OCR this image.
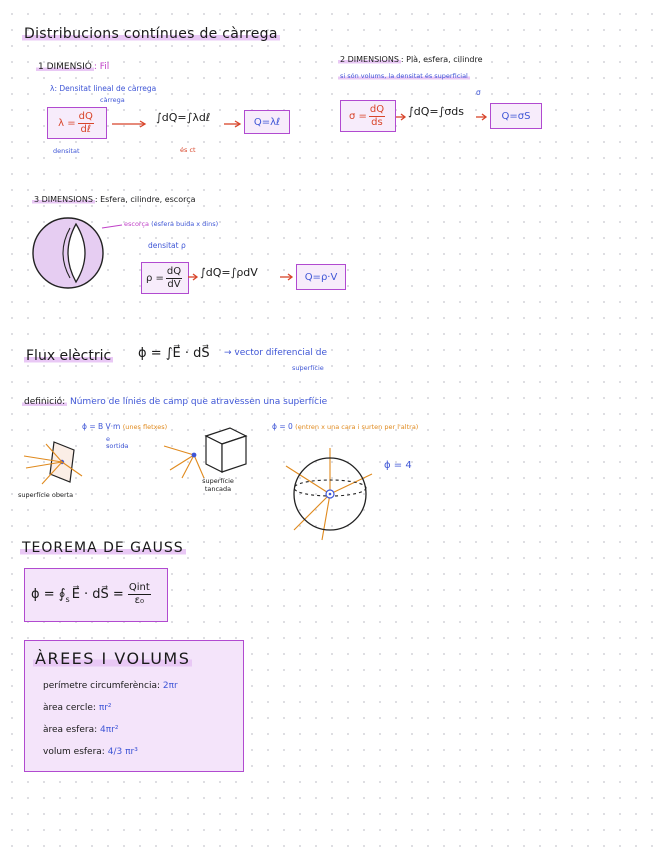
Distribucions contínues de càrrega
1 DIMENSIÓ : Fil
λ: Densitat lineal de càrrega
càrrega
$\lambda = \frac{dQ}{\text{dℓ}}$
densitat
∫dQ=∫λdℓ
és ct
Q=λℓ
2 DIMENSIONS : Plà, esfera, cilindre
si són volums, la densitat és superficial
σ
$\sigma = \frac{dQ}{ds} \int dQ=\int\sigma ds$	Q=σS
3 DIMENSIONS : Esfera, cilindre, escorça
escorça (esfera buida x dins)
densitat ρ
$\rho = \frac{dQ}{dV} \int dQ=\int\rho dV$	Q=ρ·V
Flux elèctric ϕ = ∫E⃗ · dS⃗ → vector diferencial de
superfície
definició: Número de línies de camp que atravessen una superfície
ϕ = B V·m (unes fletxes)
e
sortida
ϕ = 0 (entren x una cara i surten per l'altra)
superfície oberta
superfície tancada
ϕ = 4
TEOREMA DE GAUSS
$\phi = ∮_s$ E⃗ · dS⃗ = $\frac{\text{Qint}}{\text{ε₀}}$
ÀREES I VOLUMS
perímetre circumferència: 2πr
àrea cercle: πr²
àrea esfera: 4πr²
volum esfera: 4/3 πr³
